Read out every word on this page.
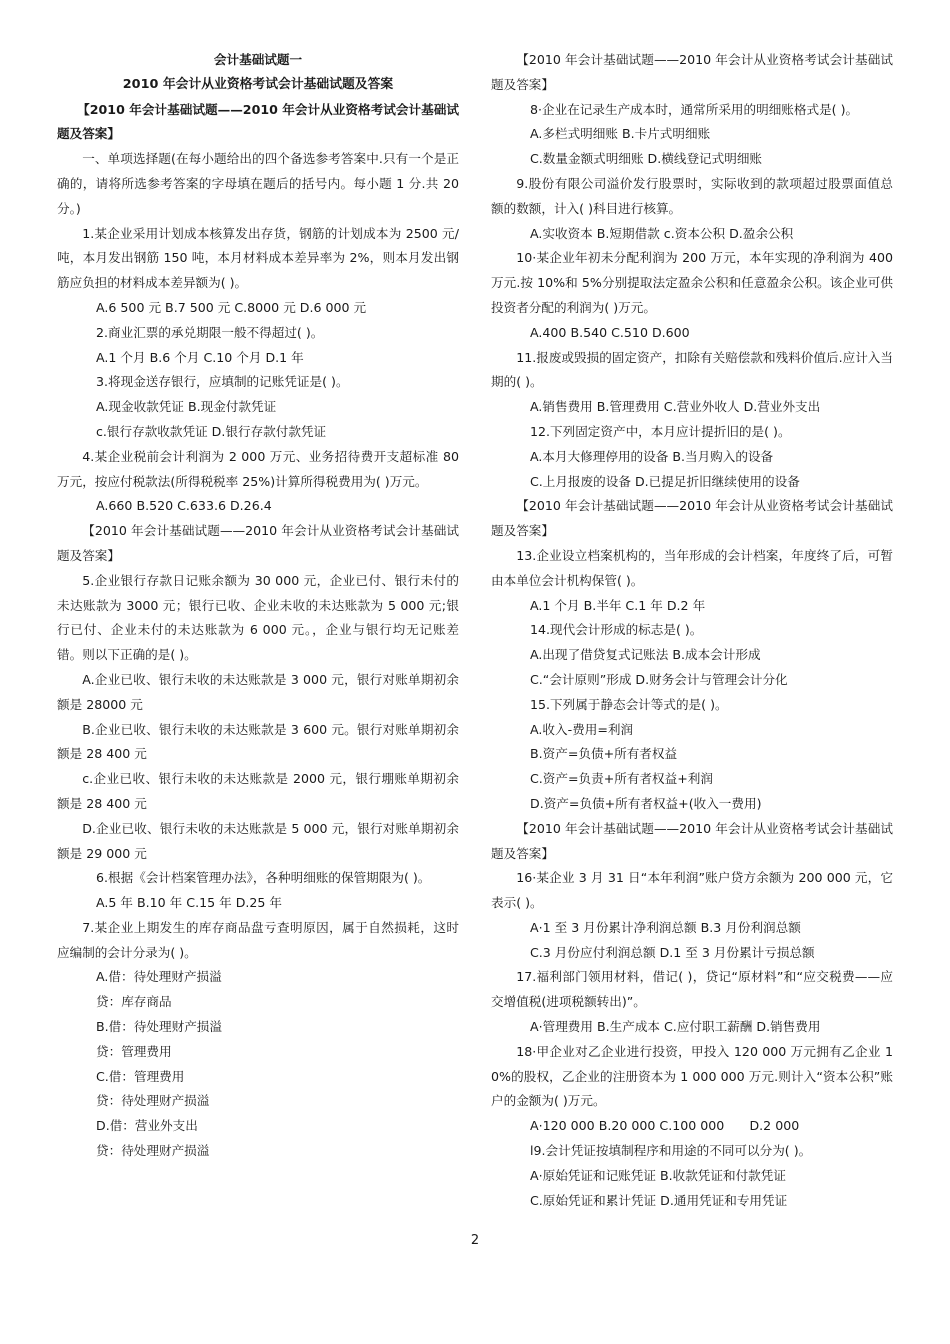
会计基础试题一

2010 年会计从业资格考试会计基础试题及答案

【2010 年会计基础试题——2010 年会计从业资格考试会计基础试题及答案】

一、单项选择题(在每小题给出的四个备选参考答案中.只有一个是正确的，请将所选参考答案的字母填在题后的括号内。每小题 1 分.共 20 分。)

1.某企业采用计划成本核算发出存货，钢筋的计划成本为 2500 元/吨，本月发出钢筋 150 吨，本月材料成本差异率为 2%，则本月发出钢筋应负担的材料成本差异额为( )。

A.6 500 元 B.7 500 元 C.8000 元 D.6 000 元

2.商业汇票的承兑期限一般不得超过( )。

A.1 个月 B.6 个月 C.10 个月 D.1 年

3.将现金送存银行，应填制的记账凭证是( )。

A.现金收款凭证 B.现金付款凭证

c.银行存款收款凭证 D.银行存款付款凭证

4.某企业税前会计利润为 2 000 万元、业务招待费开支超标准 80 万元，按应付税款法(所得税税率 25%)计算所得税费用为( )万元。

A.660 B.520 C.633.6 D.26.4

【2010 年会计基础试题——2010 年会计从业资格考试会计基础试题及答案】

5.企业银行存款日记账余额为 30 000 元，企业已付、银行未付的未达账款为 3000 元；银行已收、企业未收的未达账款为 5 000 元;银行已付、企业未付的未达账款为 6 000 元。，企业与银行均无记账差错。则以下正确的是( )。

A.企业已收、银行未收的未达账款是 3 000 元，银行对账单期初余额是 28000 元

B.企业已收、银行未收的未达账款是 3 600 元。银行对账单期初余额是 28 400 元

c.企业已收、银行未收的未达账款是 2000 元，银行堋账单期初余额是 28 400 元

D.企业已收、银行未收的未达账款是 5 000 元，银行对账单期初余额是 29 000 元

6.根据《会计档案管理办法》，各种明细账的保管期限为( )。

A.5 年 B.10 年 C.15 年 D.25 年

7.某企业上期发生的库存商品盘亏查明原因，属于自然损耗，这时应编制的会计分录为( )。

A.借：待处理财产损溢

贷：库存商品

B.借：待处理财产损溢

贷：管理费用

C.借：管理费用

贷：待处理财产损溢

D.借：营业外支出

贷：待处理财产损溢

【2010 年会计基础试题——2010 年会计从业资格考试会计基础试题及答案】

8·企业在记录生产成本时，通常所采用的明细账格式是( )。

A.多栏式明细账 B.卡片式明细账

C.数量金额式明细账 D.横线登记式明细账

9.股份有限公司溢价发行股票时，实际收到的款项超过股票面值总额的数额，计入( )科目进行核算。

A.实收资本 B.短期借款 c.资本公积 D.盈余公积

10·某企业年初未分配利润为 200 万元，本年实现的净利润为 400 万元.按 10%和 5%分别提取法定盈余公积和任意盈余公积。该企业可供投资者分配的利润为( )万元。

A.400 B.540 C.510 D.600

11.报废或毁损的固定资产，扣除有关赔偿款和残料价值后.应计入当期的( )。

A.销售费用 B.管理费用 C.营业外收人 D.营业外支出

12.下列固定资产中，本月应计提折旧的是( )。

A.本月大修理停用的设备 B.当月购入的设备

C.上月报废的设备 D.已提足折旧继续使用的设备

【2010 年会计基础试题——2010 年会计从业资格考试会计基础试题及答案】

13.企业设立档案机构的，当年形成的会计档案，年度终了后，可暂由本单位会计机构保管( )。

A.1 个月 B.半年 C.1 年 D.2 年

14.现代会计形成的标志是( )。

A.出现了借贷复式记账法 B.成本会计形成

C.“会计原则”形成 D.财务会计与管理会计分化

15.下列属于静态会计等式的是( )。

A.收入-费用=利润

B.资产=负债+所有者权益

C.资产=负责+所有者权益+利润

D.资产=负债+所有者权益+(收入一费用)

【2010 年会计基础试题——2010 年会计从业资格考试会计基础试题及答案】

16·某企业 3 月 31 日“本年利润”账户贷方余额为 200 000 元，它表示( )。

A·1 至 3 月份累计净利润总额 B.3 月份利润总额

C.3 月份应付利润总额 D.1 至 3 月份累计亏损总额

17.福利部门领用材料，借记( )，贷记“原材料”和“应交税费——应交增值税(进项税额转出)”。

A·管理费用 B.生产成本 C.应付职工薪酬 D.销售费用

18·甲企业对乙企业进行投资，甲投入 120 000 万元拥有乙企业 10%的股权，乙企业的注册资本为 1 000 000 万元.则计入“资本公积”账户的金额为( )万元。

A·120 000 B.20 000 C.100 000　　D.2 000

l9.会计凭证按填制程序和用途的不同可以分为( )。

A·原始凭证和记账凭证 B.收款凭证和付款凭证

C.原始凭证和累计凭证 D.通用凭证和专用凭证

2
